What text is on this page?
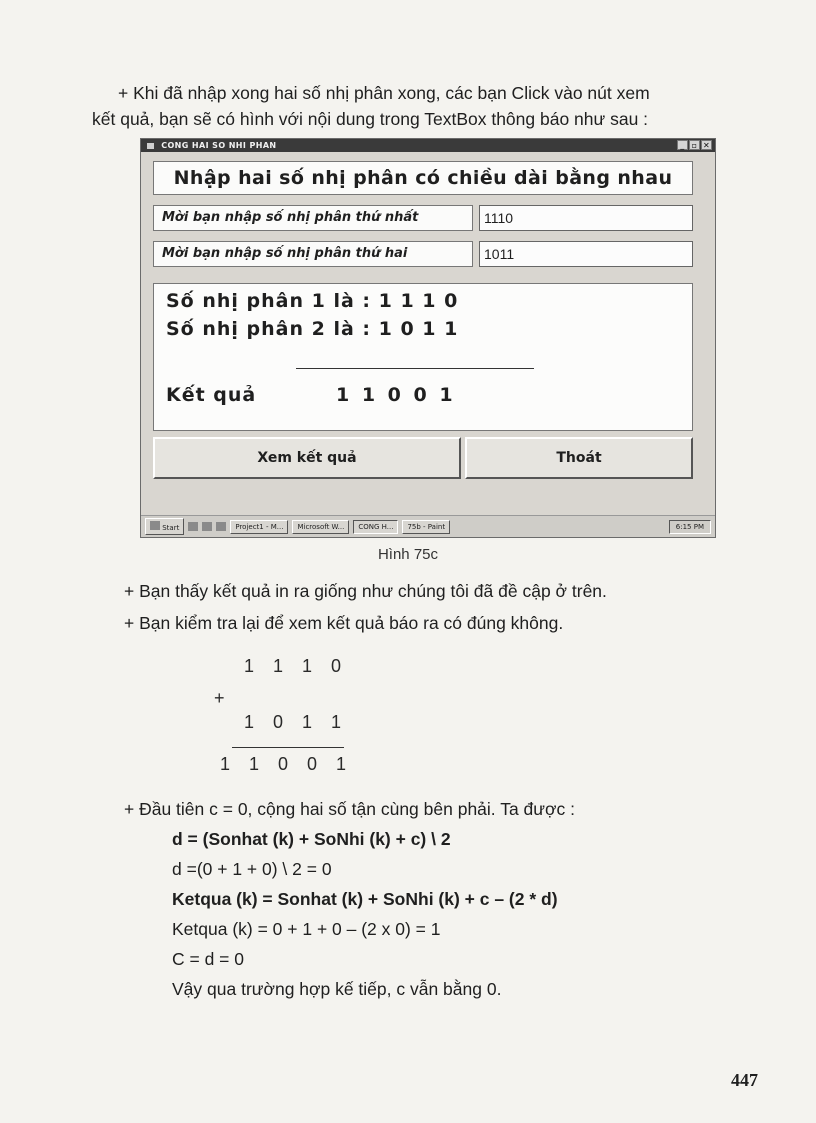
+ Khi đã nhập xong hai số nhị phân xong, các bạn Click vào nút xem
kết quả, bạn sẽ có hình với nội dung trong TextBox thông báo như sau :
CONG HAI SO NHI PHAN	_ ▫ ✕
Nhập hai số nhị phân có chiều dài bằng nhau
Mời bạn nhập số nhị phân thứ nhất	1110
Mời bạn nhập số nhị phân thứ hai	1011
Số nhị phân 1 là : 1 1 1 0
Số nhị phân 2 là : 1 0 1 1
Kết quả	1 1 0 0 1
Xem kết quả	Thoát
Start	Project1 - M...	Microsoft W...	CONG H...	75b - Paint	6:15 PM
Hình 75c
+ Bạn thấy kết quả in ra giống như chúng tôi đã đề cập ở trên.
+ Bạn kiểm tra lại để xem kết quả báo ra có đúng không.
1 1 1 0
+
1 0 1 1
1 1 0 0 1
+ Đầu tiên c = 0, cộng hai số tận cùng bên phải. Ta được :
d = (Sonhat (k) + SoNhi (k) + c) \ 2
d =(0 + 1 + 0) \ 2 = 0
Ketqua (k) = Sonhat (k) + SoNhi (k) + c – (2 * d)
Ketqua (k) = 0 + 1 + 0 – (2 x 0) = 1
C = d = 0
Vậy qua trường hợp kế tiếp, c vẫn bằng 0.
447
